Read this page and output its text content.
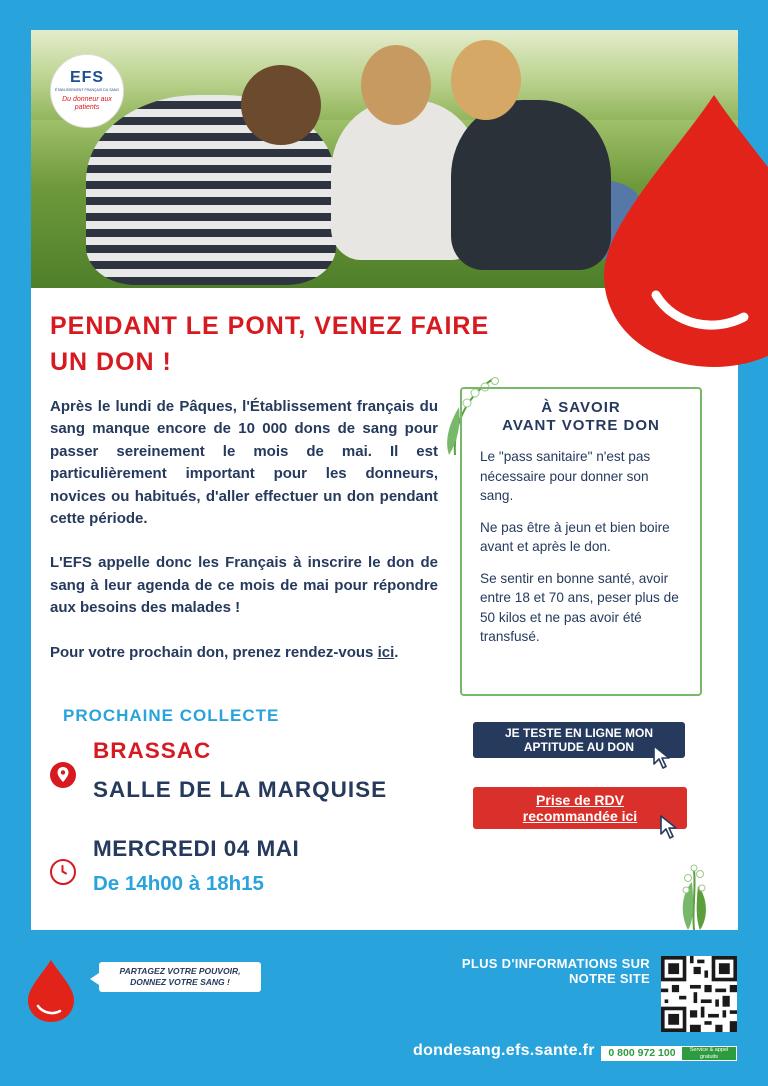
EFS
ÉTABLISSEMENT FRANÇAIS DU SANG
Du donneur aux patients
PENDANT LE PONT, VENEZ FAIRE
UN DON !

Après le lundi de Pâques, l'Établissement français du sang manque encore de 10 000 dons de sang pour passer sereinement le mois de mai. Il est particulièrement important pour les donneurs, novices ou habitués, d'aller effectuer un don pendant cette période.

L'EFS appelle donc les Français à inscrire le don de sang à leur agenda de ce mois de mai pour répondre aux besoins des malades !

Pour votre prochain don, prenez rendez-vous ici.

À SAVOIR
AVANT VOTRE DON

Le "pass sanitaire" n'est pas nécessaire pour donner son sang.

Ne pas être à jeun et bien boire avant et après le don.

Se sentir en bonne santé, avoir entre 18 et 70 ans, peser plus de 50 kilos et ne pas avoir été transfusé.

PROCHAINE COLLECTE
BRASSAC
SALLE DE LA MARQUISE
MERCREDI 04 MAI
De 14h00 à 18h15
JE TESTE EN LIGNE MON
APTITUDE AU DON
Prise de RDV
recommandée ici
PARTAGEZ VOTRE POUVOIR,
DONNEZ VOTRE SANG !
PLUS D'INFORMATIONS SUR
NOTRE SITE
dondesang.efs.sante.fr	0 800 972 100	Service & appel gratuits
